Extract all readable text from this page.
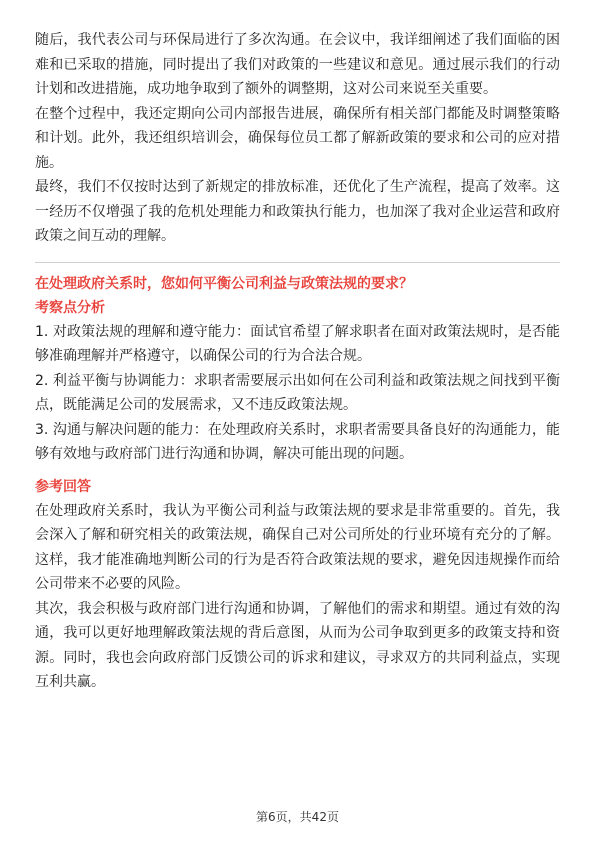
随后，我代表公司与环保局进行了多次沟通。在会议中，我详细阐述了我们面临的困难和已采取的措施，同时提出了我们对政策的一些建议和意见。通过展示我们的行动计划和改进措施，成功地争取到了额外的调整期，这对公司来说至关重要。

在整个过程中，我还定期向公司内部报告进展，确保所有相关部门都能及时调整策略和计划。此外，我还组织培训会，确保每位员工都了解新政策的要求和公司的应对措施。

最终，我们不仅按时达到了新规定的排放标准，还优化了生产流程，提高了效率。这一经历不仅增强了我的危机处理能力和政策执行能力，也加深了我对企业运营和政府政策之间互动的理解。

在处理政府关系时，您如何平衡公司利益与政策法规的要求？

考察点分析

1. 对政策法规的理解和遵守能力：面试官希望了解求职者在面对政策法规时，是否能够准确理解并严格遵守，以确保公司的行为合法合规。

2. 利益平衡与协调能力：求职者需要展示出如何在公司利益和政策法规之间找到平衡点，既能满足公司的发展需求，又不违反政策法规。

3. 沟通与解决问题的能力：在处理政府关系时，求职者需要具备良好的沟通能力，能够有效地与政府部门进行沟通和协调，解决可能出现的问题。

参考回答

在处理政府关系时，我认为平衡公司利益与政策法规的要求是非常重要的。首先，我会深入了解和研究相关的政策法规，确保自己对公司所处的行业环境有充分的了解。这样，我才能准确地判断公司的行为是否符合政策法规的要求，避免因违规操作而给公司带来不必要的风险。

其次，我会积极与政府部门进行沟通和协调，了解他们的需求和期望。通过有效的沟通，我可以更好地理解政策法规的背后意图，从而为公司争取到更多的政策支持和资源。同时，我也会向政府部门反馈公司的诉求和建议，寻求双方的共同利益点，实现互利共赢。

第6页，共42页
